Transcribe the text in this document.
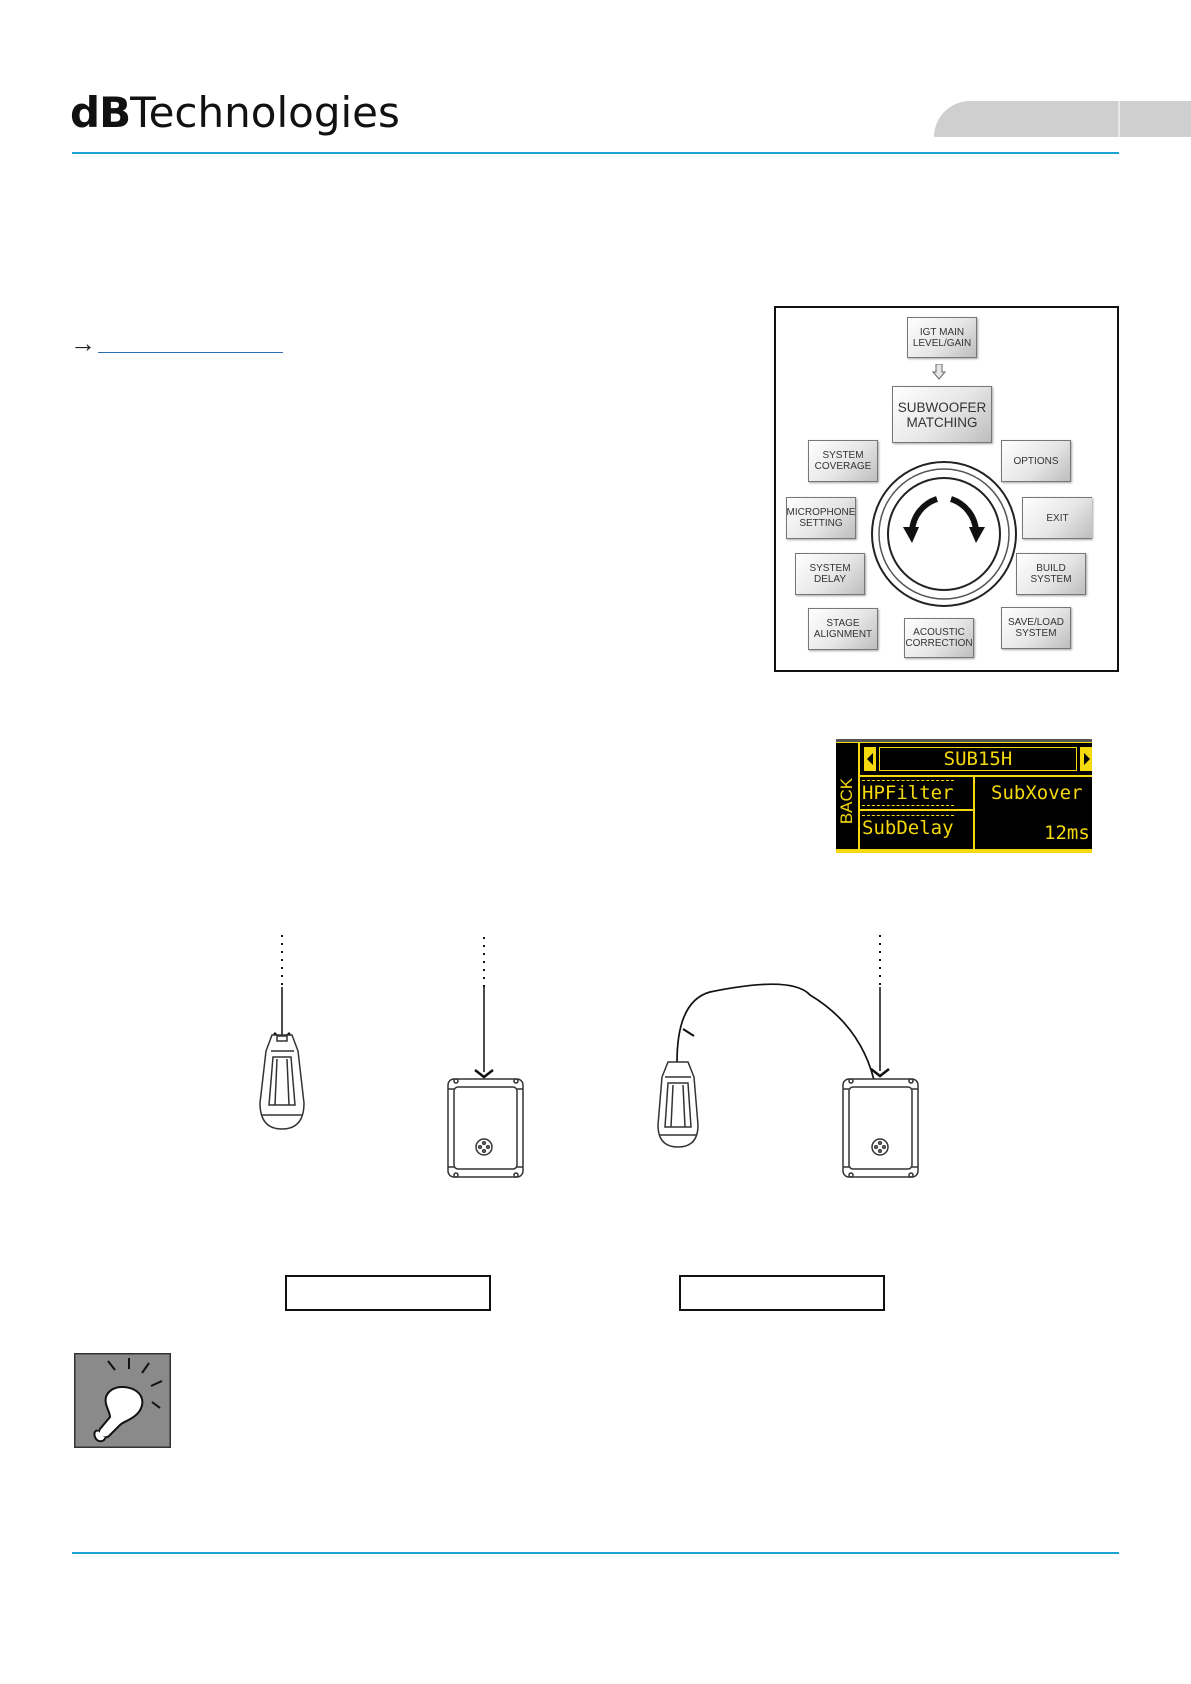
dBTechnologies
→	IGT MAIN
LEVEL/GAIN
SUBWOOFER
MATCHING
SYSTEM
COVERAGE	OPTIONS
MICROPHONE
SETTING	EXIT
SYSTEM
DELAY
BUILD
SYSTEM
STAGE
ALIGNMENT	ACOUSTIC
CORRECTION
SAVE/LOAD
SYSTEM
SUB15H
BACK HPFilter SubXover
SubDelay	12ms
